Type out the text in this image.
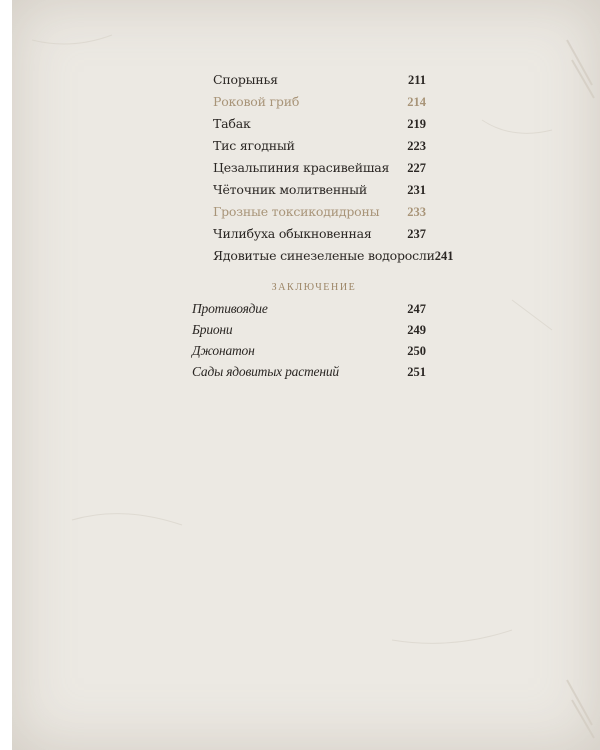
Спорынья	211
Роковой гриб	214
Табак	219
Тис ягодный	223
Цезальпиния красивейшая 227
Чёточник молитвенный	231
Грозные токсикодидроны 233
Чилибуха обыкновенная	237
Ядовитые синезеленые водоросли 241
ЗАКЛЮЧЕНИЕ
Противоядие	247
Бриони	249
Джонатон	250
Сады ядовитых растений	251
